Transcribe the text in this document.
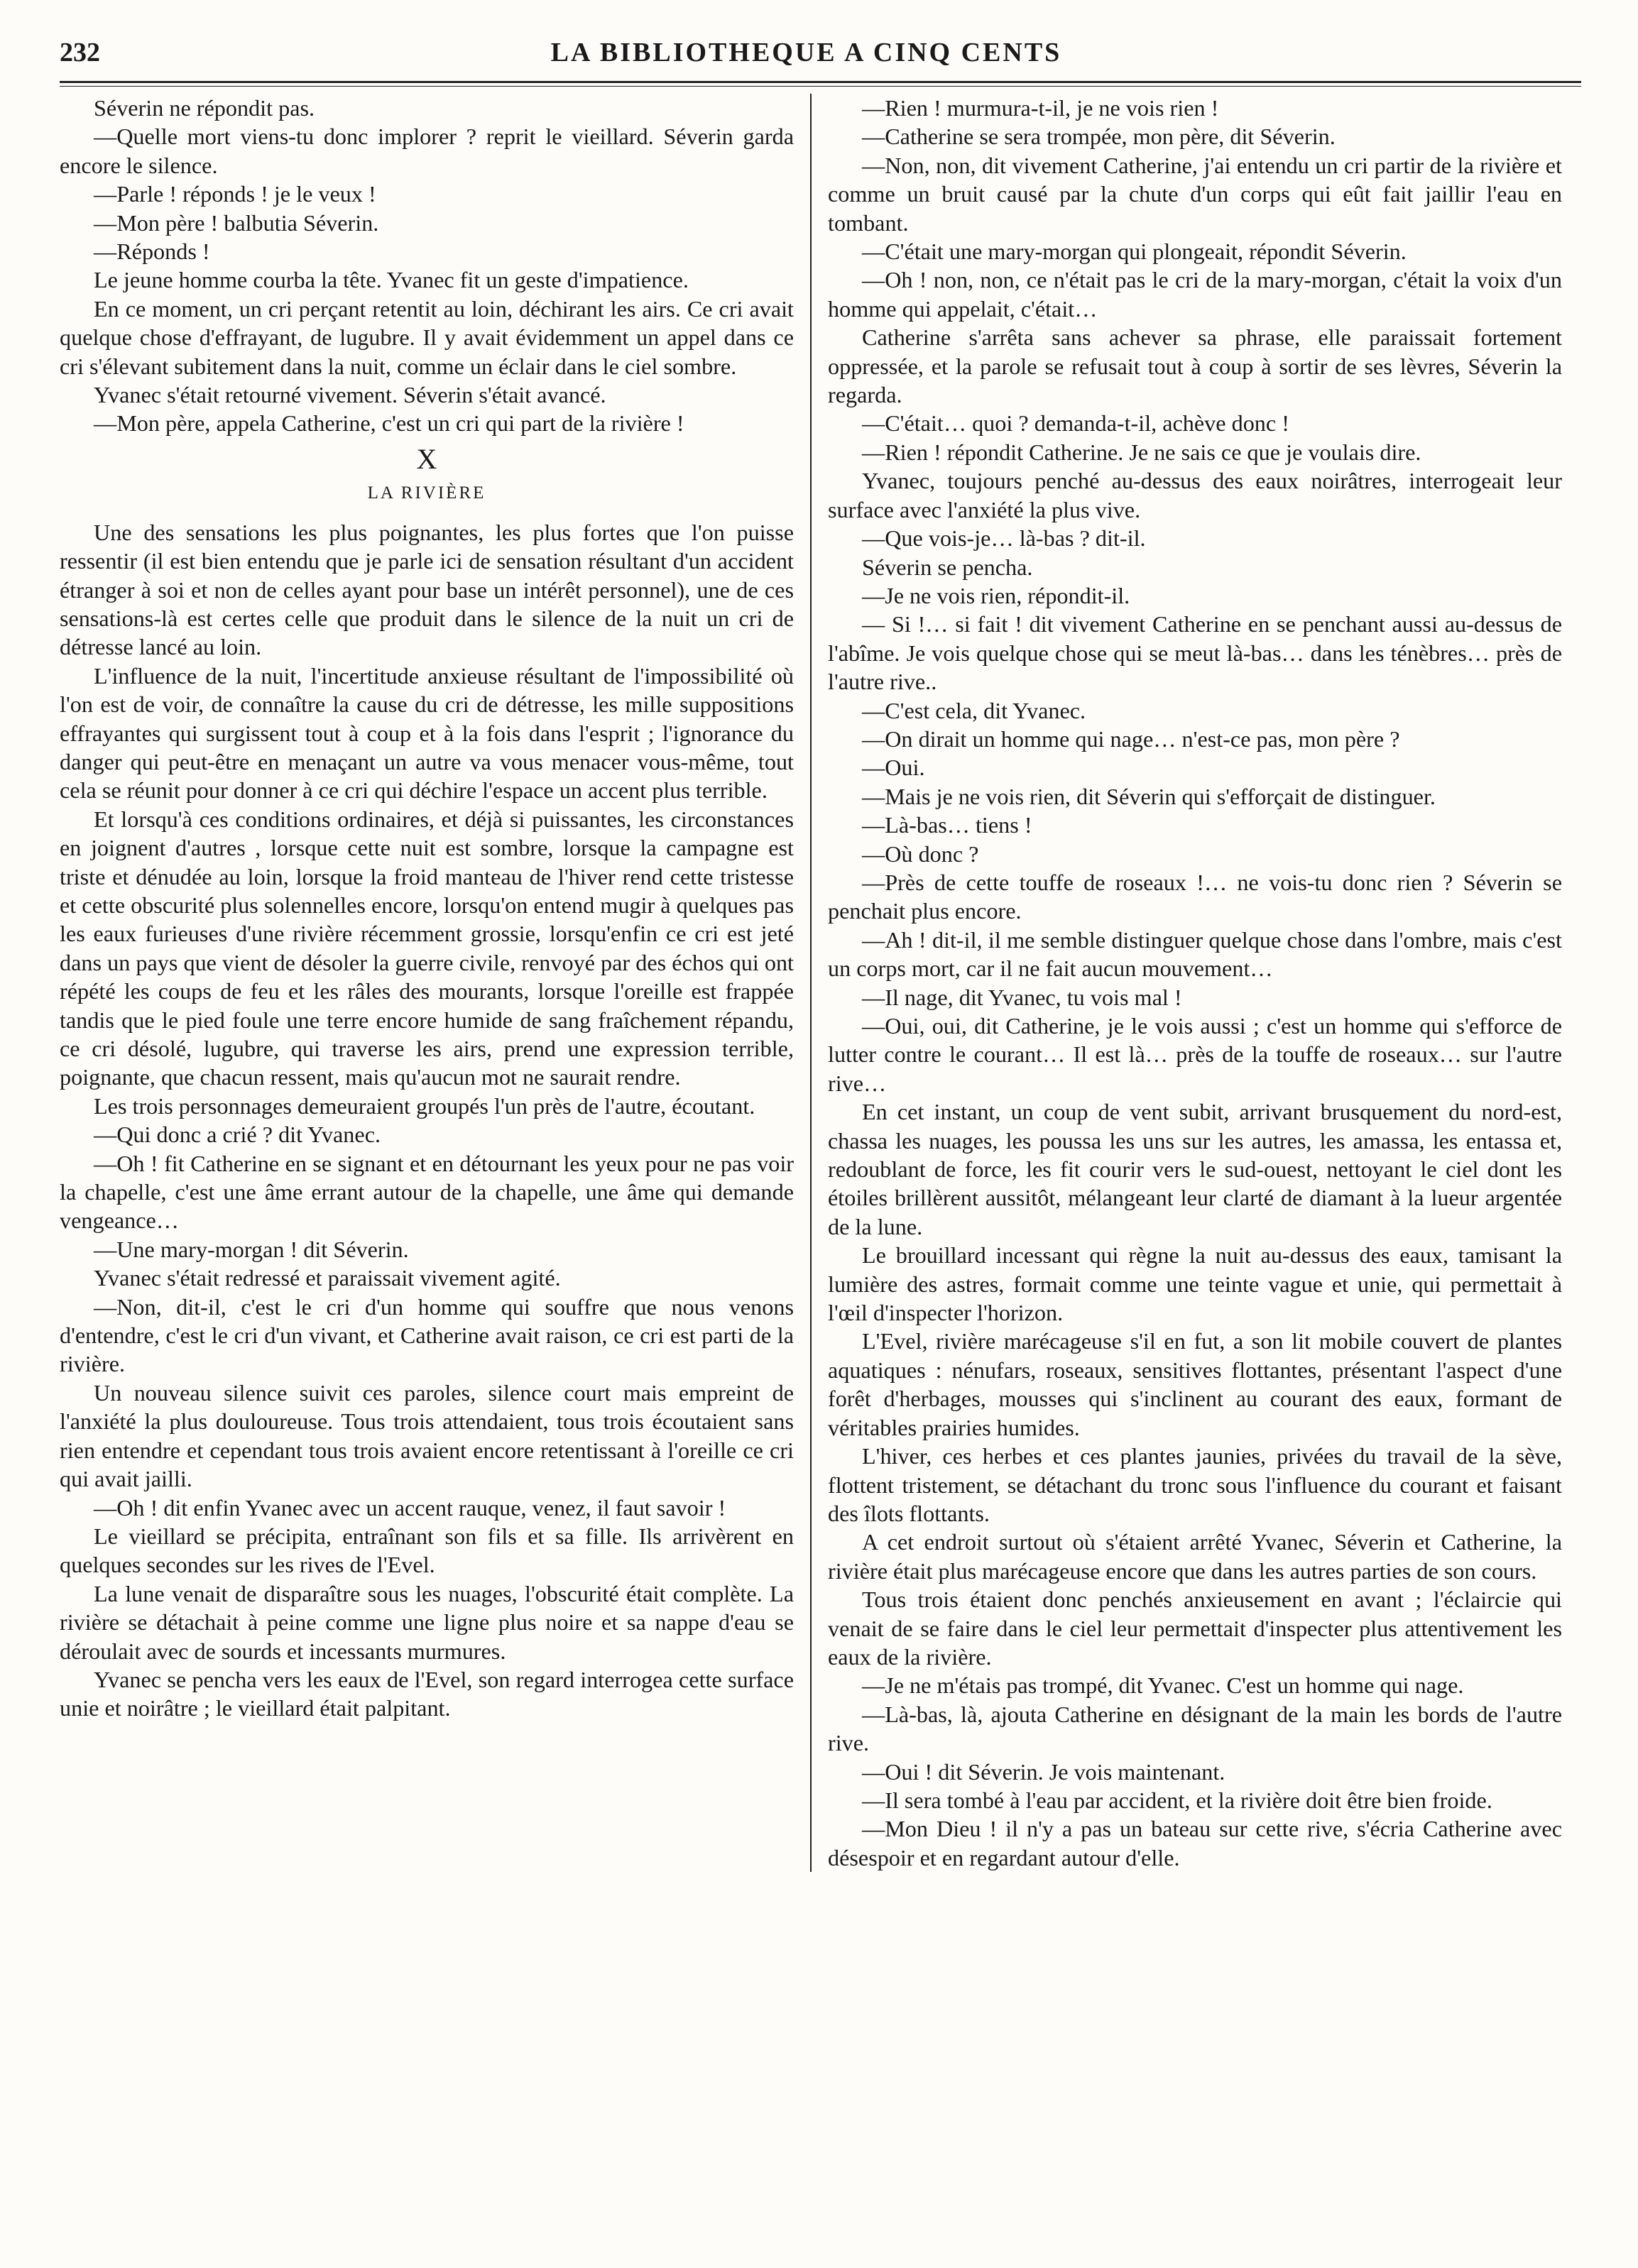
232	LA BIBLIOTHEQUE A CINQ CENTS

Séverin ne répondit pas.

—Quelle mort viens-tu donc implorer ? reprit le vieillard. Séverin garda encore le silence.

—Parle ! réponds ! je le veux !

—Mon père ! balbutia Séverin.

—Réponds !

Le jeune homme courba la tête. Yvanec fit un geste d'impatience.

En ce moment, un cri perçant retentit au loin, déchirant les airs. Ce cri avait quelque chose d'effrayant, de lugubre. Il y avait évidemment un appel dans ce cri s'élevant subitement dans la nuit, comme un éclair dans le ciel sombre.

Yvanec s'était retourné vivement. Séverin s'était avancé.

—Mon père, appela Catherine, c'est un cri qui part de la rivière !

X
LA RIVIÈRE

Une des sensations les plus poignantes, les plus fortes que l'on puisse ressentir (il est bien entendu que je parle ici de sensation résultant d'un accident étranger à soi et non de celles ayant pour base un intérêt personnel), une de ces sensations-là est certes celle que produit dans le silence de la nuit un cri de détresse lancé au loin.

L'influence de la nuit, l'incertitude anxieuse résultant de l'impossibilité où l'on est de voir, de connaître la cause du cri de détresse, les mille suppositions effrayantes qui surgissent tout à coup et à la fois dans l'esprit ; l'ignorance du danger qui peut-être en menaçant un autre va vous menacer vous-même, tout cela se réunit pour donner à ce cri qui déchire l'espace un accent plus terrible.

Et lorsqu'à ces conditions ordinaires, et déjà si puissantes, les circonstances en joignent d'autres , lorsque cette nuit est sombre, lorsque la campagne est triste et dénudée au loin, lorsque la froid manteau de l'hiver rend cette tristesse et cette obscurité plus solennelles encore, lorsqu'on entend mugir à quelques pas les eaux furieuses d'une rivière récemment grossie, lorsqu'enfin ce cri est jeté dans un pays que vient de désoler la guerre civile, renvoyé par des échos qui ont répété les coups de feu et les râles des mourants, lorsque l'oreille est frappée tandis que le pied foule une terre encore humide de sang fraîchement répandu, ce cri désolé, lugubre, qui traverse les airs, prend une expression terrible, poignante, que chacun ressent, mais qu'aucun mot ne saurait rendre.

Les trois personnages demeuraient groupés l'un près de l'autre, écoutant.

—Qui donc a crié ? dit Yvanec.

—Oh ! fit Catherine en se signant et en détournant les yeux pour ne pas voir la chapelle, c'est une âme errant autour de la chapelle, une âme qui demande vengeance…

—Une mary-morgan ! dit Séverin.

Yvanec s'était redressé et paraissait vivement agité.

—Non, dit-il, c'est le cri d'un homme qui souffre que nous venons d'entendre, c'est le cri d'un vivant, et Catherine avait raison, ce cri est parti de la rivière.

Un nouveau silence suivit ces paroles, silence court mais empreint de l'anxiété la plus douloureuse. Tous trois attendaient, tous trois écoutaient sans rien entendre et cependant tous trois avaient encore retentissant à l'oreille ce cri qui avait jailli.

—Oh ! dit enfin Yvanec avec un accent rauque, venez, il faut savoir !

Le vieillard se précipita, entraînant son fils et sa fille. Ils arrivèrent en quelques secondes sur les rives de l'Evel.

La lune venait de disparaître sous les nuages, l'obscurité était complète. La rivière se détachait à peine comme une ligne plus noire et sa nappe d'eau se déroulait avec de sourds et incessants murmures.

Yvanec se pencha vers les eaux de l'Evel, son regard interrogea cette surface unie et noirâtre ; le vieillard était palpitant.

—Rien ! murmura-t-il, je ne vois rien !

—Catherine se sera trompée, mon père, dit Séverin.

—Non, non, dit vivement Catherine, j'ai entendu un cri partir de la rivière et comme un bruit causé par la chute d'un corps qui eût fait jaillir l'eau en tombant.

—C'était une mary-morgan qui plongeait, répondit Séverin.

—Oh ! non, non, ce n'était pas le cri de la mary-morgan, c'était la voix d'un homme qui appelait, c'était…

Catherine s'arrêta sans achever sa phrase, elle paraissait fortement oppressée, et la parole se refusait tout à coup à sortir de ses lèvres, Séverin la regarda.

—C'était… quoi ? demanda-t-il, achève donc !

—Rien ! répondit Catherine. Je ne sais ce que je voulais dire.

Yvanec, toujours penché au-dessus des eaux noirâtres, interrogeait leur surface avec l'anxiété la plus vive.

—Que vois-je… là-bas ? dit-il.

Séverin se pencha.

—Je ne vois rien, répondit-il.

— Si !… si fait ! dit vivement Catherine en se penchant aussi au-dessus de l'abîme. Je vois quelque chose qui se meut là-bas… dans les ténèbres… près de l'autre rive..

—C'est cela, dit Yvanec.

—On dirait un homme qui nage… n'est-ce pas, mon père ?

—Oui.

—Mais je ne vois rien, dit Séverin qui s'efforçait de distinguer.

—Là-bas… tiens !

—Où donc ?

—Près de cette touffe de roseaux !… ne vois-tu donc rien ? Séverin se penchait plus encore.

—Ah ! dit-il, il me semble distinguer quelque chose dans l'ombre, mais c'est un corps mort, car il ne fait aucun mouvement…

—Il nage, dit Yvanec, tu vois mal !

—Oui, oui, dit Catherine, je le vois aussi ; c'est un homme qui s'efforce de lutter contre le courant… Il est là… près de la touffe de roseaux… sur l'autre rive…

En cet instant, un coup de vent subit, arrivant brusquement du nord-est, chassa les nuages, les poussa les uns sur les autres, les amassa, les entassa et, redoublant de force, les fit courir vers le sud-ouest, nettoyant le ciel dont les étoiles brillèrent aussitôt, mélangeant leur clarté de diamant à la lueur argentée de la lune.

Le brouillard incessant qui règne la nuit au-dessus des eaux, tamisant la lumière des astres, formait comme une teinte vague et unie, qui permettait à l'œil d'inspecter l'horizon.

L'Evel, rivière marécageuse s'il en fut, a son lit mobile couvert de plantes aquatiques : nénufars, roseaux, sensitives flottantes, présentant l'aspect d'une forêt d'herbages, mousses qui s'inclinent au courant des eaux, formant de véritables prairies humides.

L'hiver, ces herbes et ces plantes jaunies, privées du travail de la sève, flottent tristement, se détachant du tronc sous l'influence du courant et faisant des îlots flottants.

A cet endroit surtout où s'étaient arrêté Yvanec, Séverin et Catherine, la rivière était plus marécageuse encore que dans les autres parties de son cours.

Tous trois étaient donc penchés anxieusement en avant ; l'éclaircie qui venait de se faire dans le ciel leur permettait d'inspecter plus attentivement les eaux de la rivière.

—Je ne m'étais pas trompé, dit Yvanec. C'est un homme qui nage.

—Là-bas, là, ajouta Catherine en désignant de la main les bords de l'autre rive.

—Oui ! dit Séverin. Je vois maintenant.

—Il sera tombé à l'eau par accident, et la rivière doit être bien froide.

—Mon Dieu ! il n'y a pas un bateau sur cette rive, s'écria Catherine avec désespoir et en regardant autour d'elle.
